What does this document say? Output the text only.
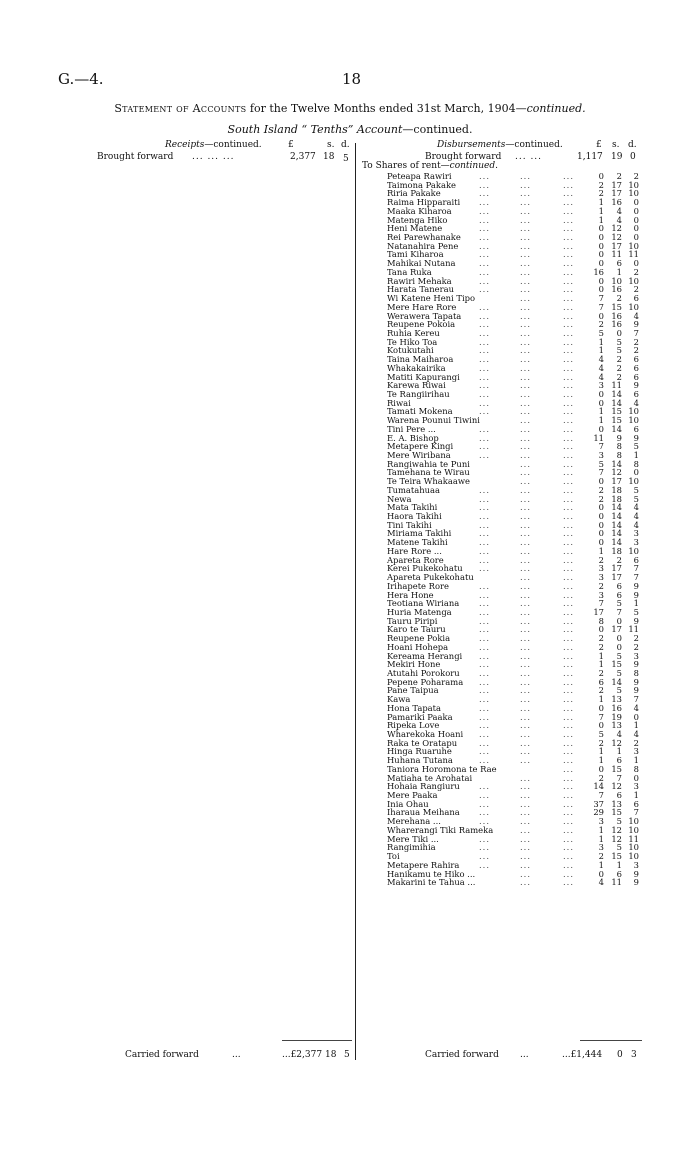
G.—4.	18
Statement of Accounts for the Twelve Months ended 31st March, 1904—continued.
South Island “ Tenths” Account—continued.
Receipts—continued.	£	s. d.	Disbursements—continued.	£ s. d.
Brought forward ... ... ...	2,377 18 5	Brought forward ... ...	1,117 19 0
To Shares of rent—continued.
Peteapa Rawiri	...	...	...	0	2	2
Taimona Pakake	...	...	...	2 17 10
Riria Pakake	...	...	...	2 17 10
Raima Hipparaiti ...	...	...	1 16	0
Maaka Kiharoa	...	...	...	1	4	0
Matenga Hiko	...	...	...	1	4	0
Heni Matene	...	...	...	0 12	0
Rei Parewhanake ...	...	...	0 12	0
Natanahira Pene ...	...	...	0 17 10
Tami Kiharoa	...	...	...	0 11 11
Mahikai Nutana	...	...	...	0	6	0
Tana Ruka	...	...	...	16	1	2
Rawiri Mehaka	...	...	...	0 10 10
Harata Tanerau	...	...	...	0 16	2
Wi Katene Heni Tipo	...	...	7	2	6
Mere Hare Rore	...	...	...	7 15 10
Werawera Tapata ...	...	...	0 16	4
Reupene Pokoia	...	...	...	2 16	9
Ruhia Kereu	...	...	...	5	0	7
Te Hiko Toa	...	...	...	1	5	2
Kotukutahi	...	...	...	1	5	2
Taina Maiharoa	...	...	...	4	2	6
Whakakairika	...	...	...	4	2	6
Matiti Kapurangi ...	...	...	4	2	6
Karewa Riwai	...	...	...	3 11	9
Te Rangiirihau	...	...	...	0 14	6
Riwai	...	...	...	0 14	4
Tamati Mokena	...	...	...	1 15 10
Warena Pounui Tiwini	...	...	1 15 10
Tini Pere ...	...	...	...	0 14	6
E. A. Bishop	...	...	...	11	9	9
Metapere Kingi	...	...	...	7	8	5
Mere Wiribana	...	...	...	3	8	1
Rangiwahia te Puni	...	...	5 14	8
Tamehana te Wirau	...	...	7 12	0
Te Teira Whakaawe	...	...	0 17 10
Tumatahuaa	...	...	...	2 18	5
Newa	...	...	...	2 18	5
Mata Takihi	...	...	...	0 14	4
Haora Takihi	...	...	...	0 14	4
Tini Takihi	...	...	...	0 14	4
Miriama Takihi	...	...	...	0 14	3
Matene Takihi	...	...	...	0 14	3
Hare Rore ...	...	...	...	1 18 10
Apareta Rore	...	...	...	2	2	6
Kerei Pukekohatu ...	...	...	3 17	7
Apareta Pukekohatu	...	...	3 17	7
Irihapete Rore	...	...	...	2	6	9
Hera Hone	...	...	...	3	6	9
Teotiana Wiriana ...	...	...	7	5	1
Huria Matenga	...	...	...	17	7	5
Tauru Piripi	...	...	...	8	0	9
Karo te Tauru	...	...	...	0 17 11
Reupene Pokia	...	...	...	2	0	2
Hoani Hohepa	...	...	...	2	0	2
Kereama Herangi ...	...	...	1	5	3
Mekiri Hone	...	...	...	1 15	9
Atutahi Porokoru ...	...	...	2	5	8
Pepene Poharama ...	...	...	6 14	9
Pane Taipua	...	...	...	2	5	9
Kawa	...	...	...	1 13	7
Hona Tapata	...	...	...	0 16	4
Pamariki Paaka	...	...	...	7 19	0
Ripeka Love	...	...	...	0 13	1
Wharekoka Hoani ...	...	...	5	4	4
Raka te Oratapu	...	...	...	2 12	2
Hinga Ruaruhe	...	...	...	1	1	3
Huhana Tutana	...	...	...	1	6	1
Taniora Horomona te Rae	...	0 15	8
Matiaha te Arohatai	...	...	2	7	0
Hohaia Rangiuru ...	...	...	14 12	3
Mere Paaka	...	...	...	7	6	1
Inia Ohau	...	...	...	37 13	6
Iharaua Meihana ...	...	...	29 15	7
Merehana ...	...	...	...	3	5 10
Wharerangi Tiki Rameka	...	...	1 12 10
Mere Tiki ...	...	...	...	1 12 11
Rangimihia	...	...	...	3	5 10
Toi	...	...	...	2 15 10
Metapere Rahira ...	...	...	1	1	3
Hanikamu te Hiko ...	...	...	0	6	9
Makarini te Tahua ...	...	...	4 11	9
Carried forward	...	...£2,377 18 5	Carried forward ...	...£1,444 0 3
